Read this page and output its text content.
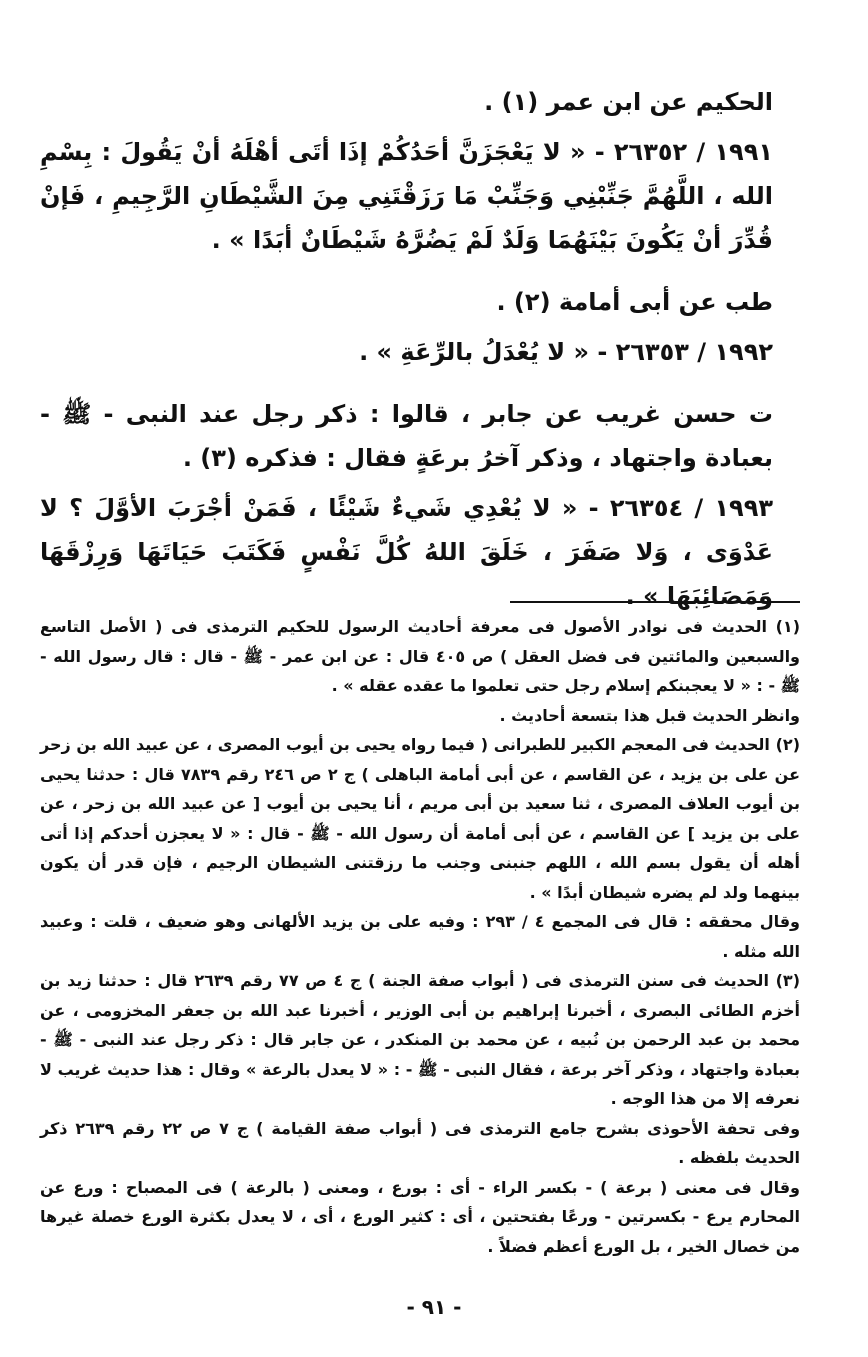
الحكيم عن ابن عمر (١) .

١٩٩١ / ٢٦٣٥٢ - « لا يَعْجَزَنَّ أحَدُكُمْ إذَا أتَى أهْلَهُ أنْ يَقُولَ : بِسْمِ الله ، اللَّهُمَّ جَنِّبْنِي وَجَنِّبْ مَا رَزَقْتَنِي مِنَ الشَّيْطَانِ الرَّجِيمِ ، فَإنْ قُدِّرَ أنْ يَكُونَ بَيْنَهُمَا وَلَدٌ لَمْ يَضُرَّهُ شَيْطَانٌ أبَدًا » .

طب عن أبى أمامة (٢) .

١٩٩٢ / ٢٦٣٥٣ - « لا يُعْدَلُ بالرِّعَةِ » .

ت حسن غريب عن جابر ، قالوا : ذكر رجل عند النبى - ﷺ - بعبادة واجتهاد ، وذكر آخرُ برعَةٍ فقال : فذكره (٣) .

١٩٩٣ / ٢٦٣٥٤ - « لا يُعْدِي شَيءٌ شَيْئًا ، فَمَنْ أجْرَبَ الأوَّلَ ؟ لا عَدْوَى ، وَلا صَفَرَ ، خَلَقَ اللهُ كُلَّ نَفْسٍ فَكَتَبَ حَيَاتَهَا وَرِزْقَهَا وَمَصَائِبَهَا » .

(١) الحديث فى نوادر الأصول فى معرفة أحاديث الرسول للحكيم الترمذى فى ( الأصل التاسع والسبعين والمائتين فى فضل العقل ) ص ٤٠٥ قال : عن ابن عمر - ﷺ - قال : قال رسول الله - ﷺ - : « لا يعجبنكم إسلام رجل حتى تعلموا ما عقده عقله » .

وانظر الحديث قبل هذا بتسعة أحاديث .

(٢) الحديث فى المعجم الكبير للطبرانى ( فيما رواه يحيى بن أيوب المصرى ، عن عبيد الله بن زحر عن على بن يزيد ، عن القاسم ، عن أبى أمامة الباهلى ) ج ٢ ص ٢٤٦ رقم ٧٨٣٩ قال : حدثنا يحيى بن أيوب العلاف المصرى ، ثنا سعيد بن أبى مريم ، أنا يحيى بن أيوب [ عن عبيد الله بن زحر ، عن على بن يزيد ] عن القاسم ، عن أبى أمامة أن رسول الله - ﷺ - قال : « لا يعجزن أحدكم إذا أتى أهله أن يقول بسم الله ، اللهم جنبنى وجنب ما رزقتنى الشيطان الرجيم ، فإن قدر أن يكون بينهما ولد لم يضره شيطان أبدًا » .

وقال محققه : قال فى المجمع ٤ / ٢٩٣ : وفيه على بن يزيد الألهانى وهو ضعيف ، قلت : وعبيد الله مثله .

(٣) الحديث فى سنن الترمذى فى ( أبواب صفة الجنة ) ج ٤ ص ٧٧ رقم ٢٦٣٩ قال : حدثنا زيد بن أخزم الطائى البصرى ، أخبرنا إبراهيم بن أبى الوزير ، أخبرنا عبد الله بن جعفر المخزومى ، عن محمد بن عبد الرحمن بن نُبيه ، عن محمد بن المنكدر ، عن جابر قال : ذكر رجل عند النبى - ﷺ - بعبادة واجتهاد ، وذكر آخر برعة ، فقال النبى - ﷺ - : « لا يعدل بالرعة » وقال : هذا حديث غريب لا نعرفه إلا من هذا الوجه .

وفى تحفة الأحوذى بشرح جامع الترمذى فى ( أبواب صفة القيامة ) ج ٧ ص ٢٢ رقم ٢٦٣٩ ذكر الحديث بلفظه .

وقال فى معنى ( برعة ) - بكسر الراء - أى : بورع ، ومعنى ( بالرعة ) فى المصباح : ورع عن المحارم يرع - بكسرتين - ورعًا بفتحتين ، أى : كثير الورع ، أى ، لا يعدل بكثرة الورع خصلة غيرها من خصال الخير ، بل الورع أعظم فضلاً .

- ٩١ -
